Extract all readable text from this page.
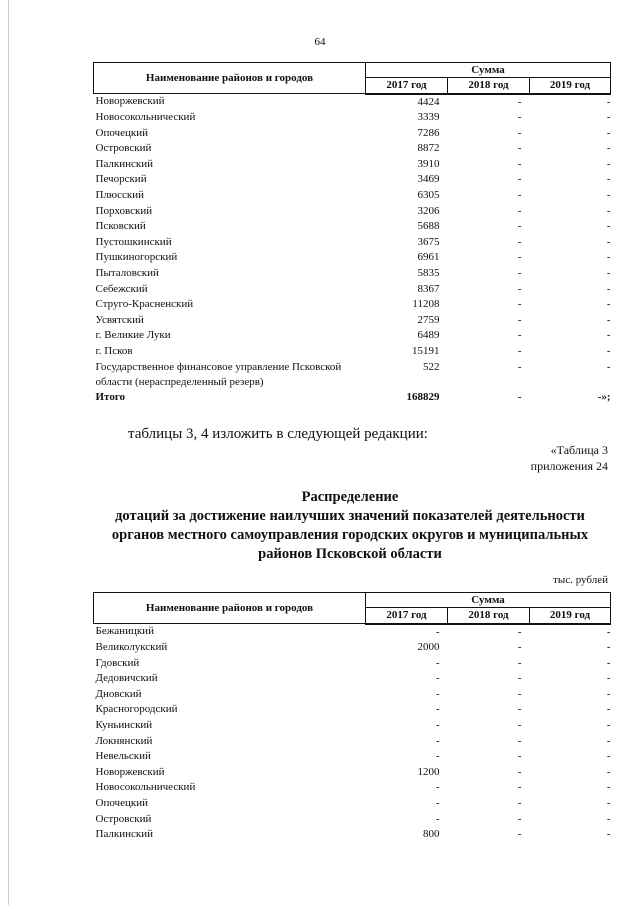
64
Наименование районов и городов	Сумма		
	2017 год	2018 год	2019 год
Новоржевский	4424	-	-
Новосокольнический	3339	-	-
Опочецкий	7286	-	-
Островский	8872	-	-
Палкинский	3910	-	-
Печорский	3469	-	-
Плюсский	6305	-	-
Порховский	3206	-	-
Псковский	5688	-	-
Пустошкинский	3675	-	-
Пушкиногорский	6961	-	-
Пыталовский	5835	-	-
Себежский	8367	-	-
Струго-Красненский	11208	-	-
Усвятский	2759	-	-
г. Великие Луки	6489	-	-
г. Псков	15191	-	-
Государственное финансовое управление Псковской области (нераспределенный резерв)	522	-	-
Итого	168829	-	-»;
таблицы 3, 4 изложить в следующей редакции:
«Таблица 3
приложения 24
Распределение
дотаций за достижение наилучших значений показателей деятельности
органов местного самоуправления городских округов и муниципальных
районов Псковской области
тыс. рублей
Наименование районов и городов	Сумма		
	2017 год	2018 год	2019 год
Бежаницкий	-	-	-
Великолукский	2000	-	-
Гдовский	-	-	-
Дедовичский	-	-	-
Дновский	-	-	-
Красногородский	-	-	-
Куньинский	-	-	-
Локнянский	-	-	-
Невельский	-	-	-
Новоржевский	1200	-	-
Новосокольнический	-	-	-
Опочецкий	-	-	-
Островский	-	-	-
Палкинский	800	-	-
